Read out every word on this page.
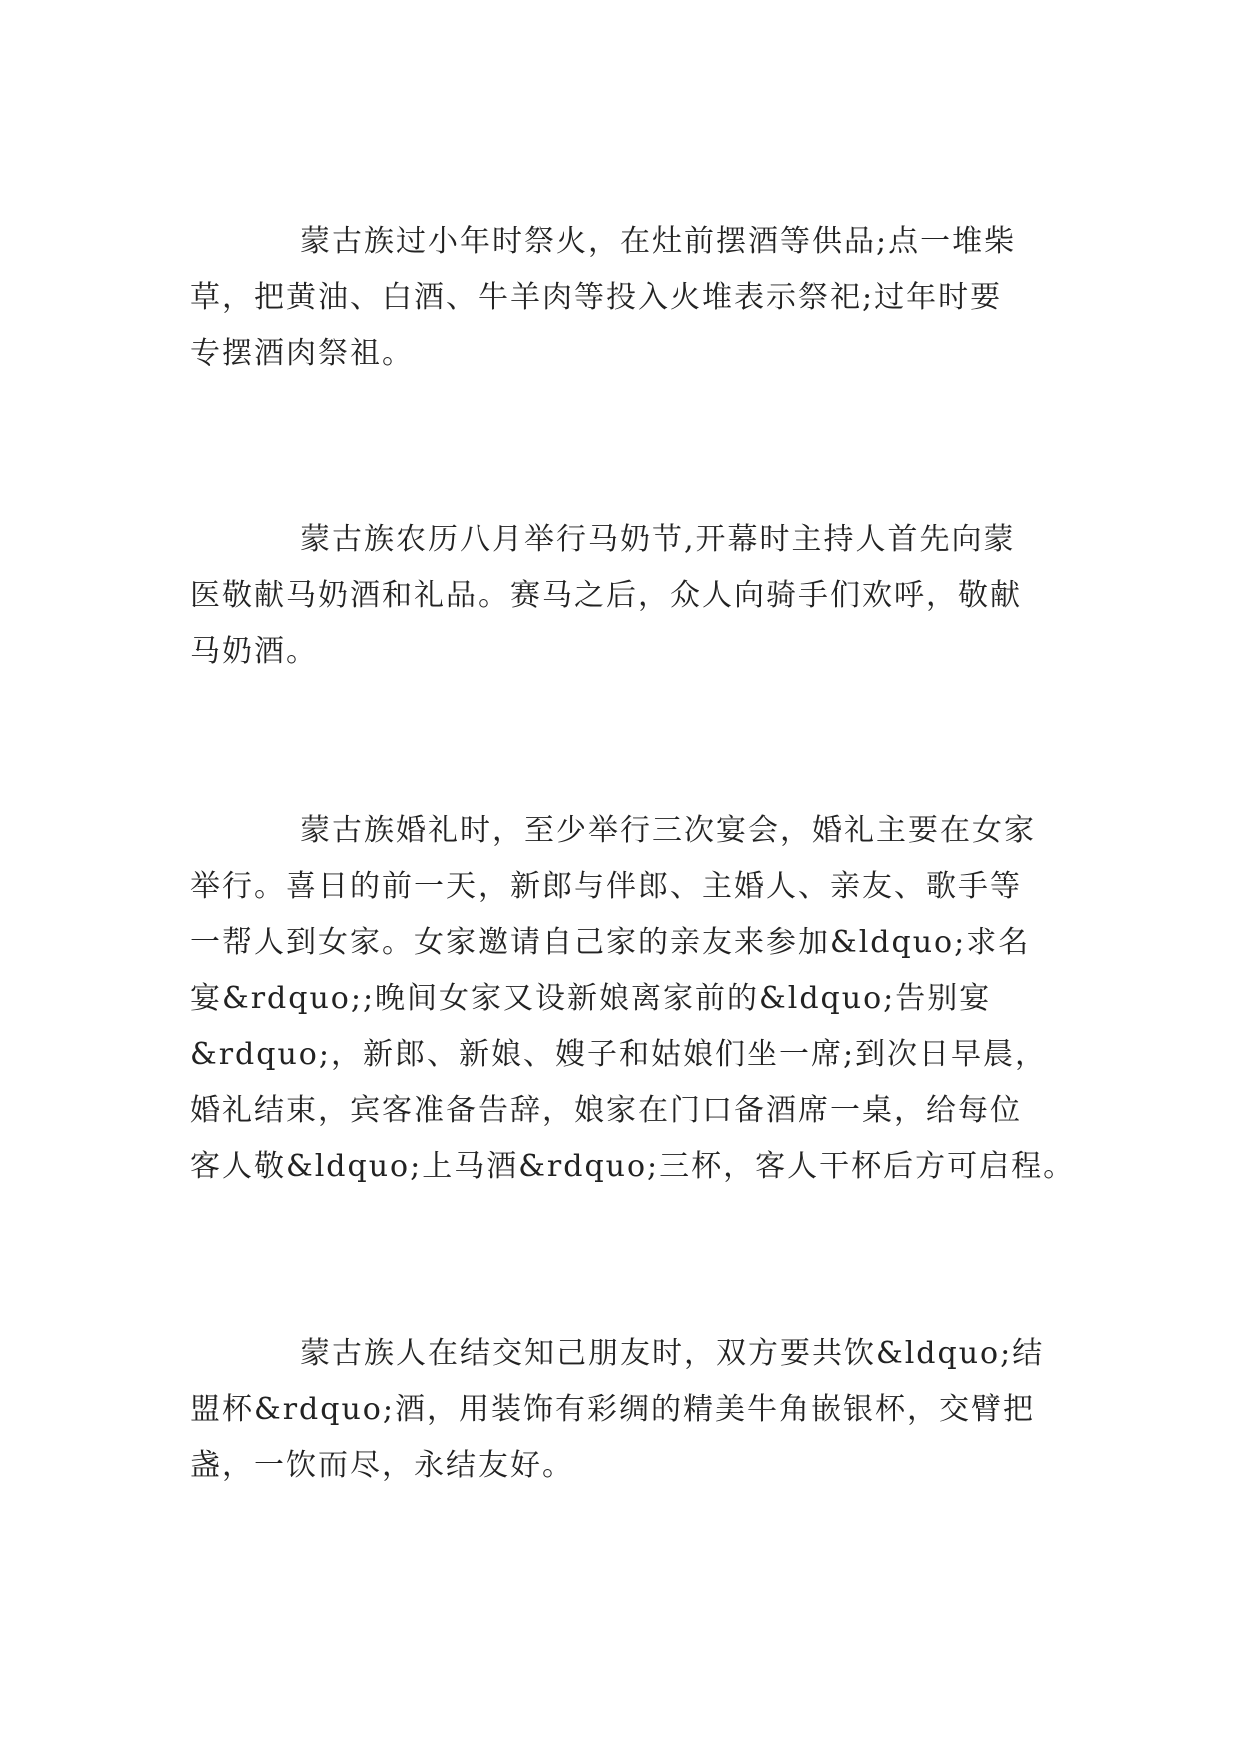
蒙古族过小年时祭火，在灶前摆酒等供品;点一堆柴
草，把黄油、白酒、牛羊肉等投入火堆表示祭祀;过年时要
专摆酒肉祭祖。

蒙古族农历八月举行马奶节,开幕时主持人首先向蒙
医敬献马奶酒和礼品。赛马之后，众人向骑手们欢呼，敬献
马奶酒。

蒙古族婚礼时，至少举行三次宴会，婚礼主要在女家
举行。喜日的前一天，新郎与伴郎、主婚人、亲友、歌手等
一帮人到女家。女家邀请自己家的亲友来参加&ldquo;求名
宴&rdquo;;晚间女家又设新娘离家前的&ldquo;告别宴
&rdquo;，新郎、新娘、嫂子和姑娘们坐一席;到次日早晨，
婚礼结束，宾客准备告辞，娘家在门口备酒席一桌，给每位
客人敬&ldquo;上马酒&rdquo;三杯，客人干杯后方可启程。

蒙古族人在结交知己朋友时，双方要共饮&ldquo;结
盟杯&rdquo;酒，用装饰有彩绸的精美牛角嵌银杯，交臂把
盏，一饮而尽，永结友好。
